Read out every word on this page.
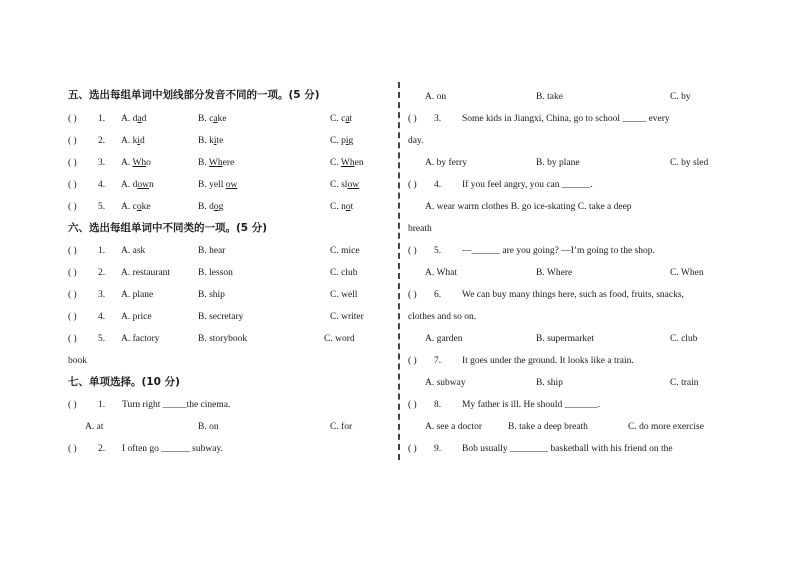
五、选出每组单词中划线部分发音不同的一项。(5 分)
( ) 1. A. dad	B. cake	C. cat
( ) 2. A. kid	B. kite	C. pig
( ) 3. A. Who	B. Where	C. When
( ) 4. A. down	B. yell ow	C. slow
( ) 5. A. coke	B. dog	C. not
六、选出每组单词中不同类的一项。(5 分)
( ) 1. A. ask	B. hear	C. mice
( ) 2. A. restaurant	B. lesson	C. club
( ) 3. A. plane	B. ship	C. well
( ) 4. A. price	B. secretary	C. writer
( ) 5. A. factory	B. storybook	C. word
book
七、单项选择。(10 分)
( ) 1. Turn right _____the cinema.
A. at	B. on	C. for
( ) 2. I often go ______ subway.
A. on	B. take	C. by
( ) 3. Some kids in Jiangxi, China, go to school _____ every
day.
A. by ferry	B. by plane	C. by sled
( ) 4. If you feel angry, you can ______.
A. wear warm clothes B. go ice-skating C. take a deep
breath
( ) 5. —______ are you going? —I’m going to the shop.
A. What	B. Where	C. When
( ) 6. We can buy many things here, such as food, fruits, snacks,
clothes and so on.
A. garden	B. supermarket	C. club
( ) 7. It goes under the ground. It looks like a train.
A. subway	B. ship	C. train
( ) 8. My father is ill. He should _______.
A. see a doctor	B. take a deep breath	C. do more exercise
( ) 9. Bob usually ________ basketball with his friend on the
